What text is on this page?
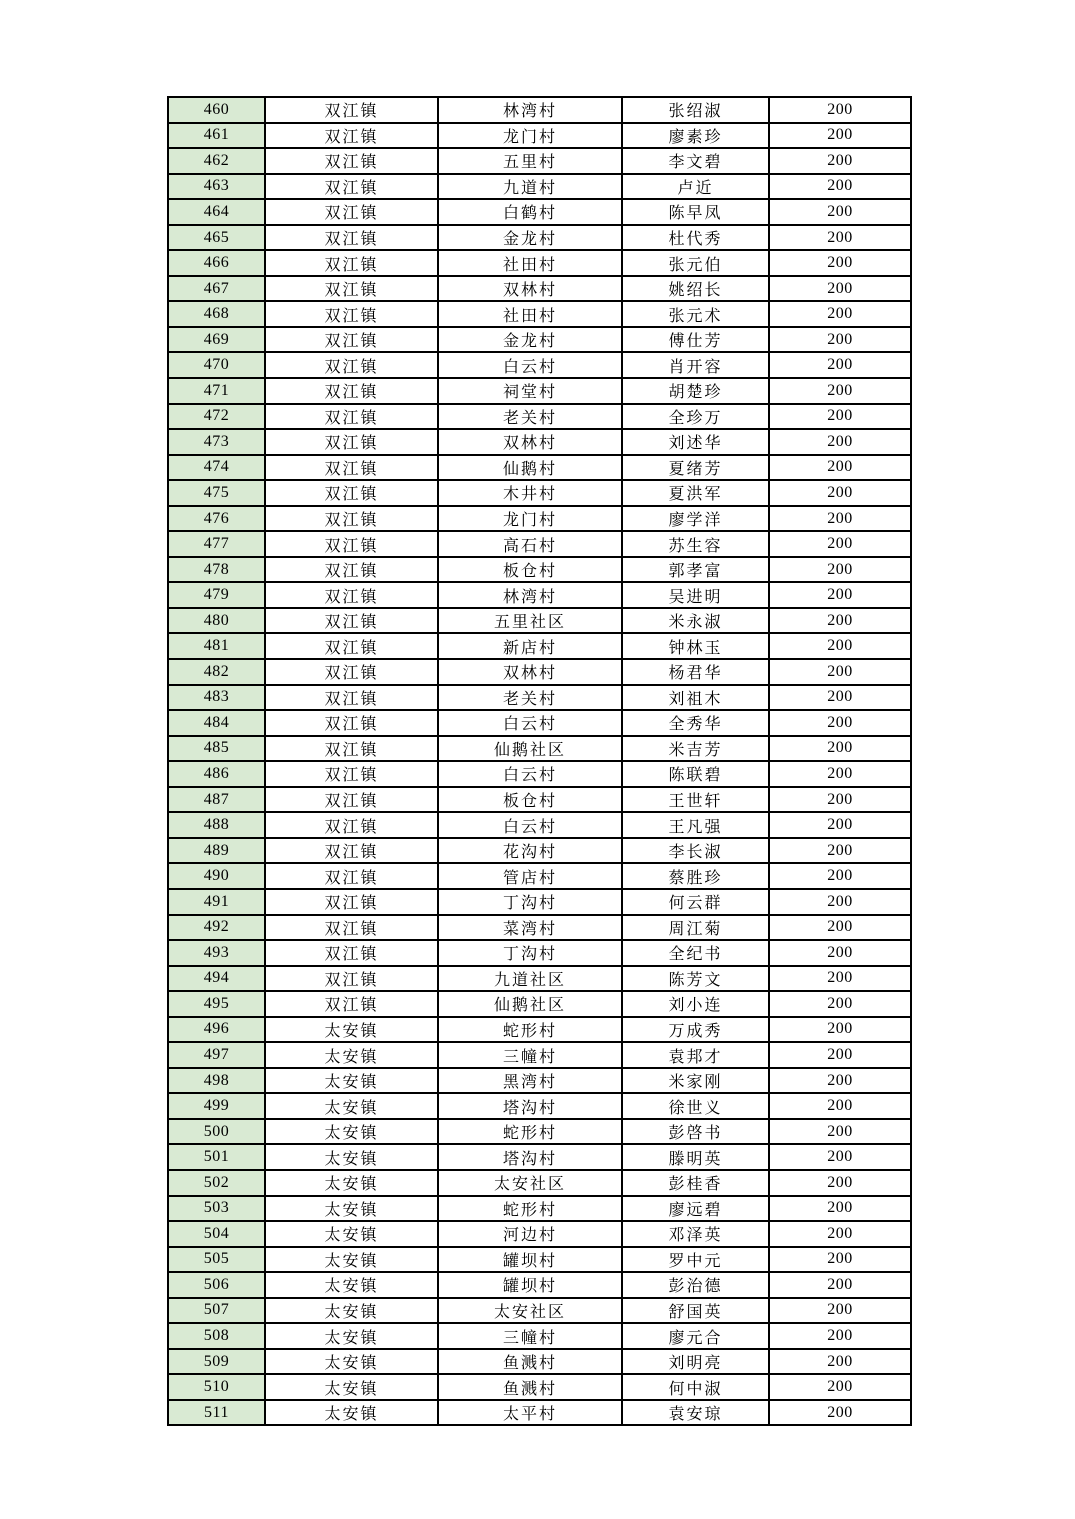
460	双江镇	林湾村	张绍淑	200
461	双江镇	龙门村	廖素珍	200
462	双江镇	五里村	李文碧	200
463	双江镇	九道村	卢近	200
464	双江镇	白鹤村	陈早凤	200
465	双江镇	金龙村	杜代秀	200
466	双江镇	社田村	张元伯	200
467	双江镇	双林村	姚绍长	200
468	双江镇	社田村	张元术	200
469	双江镇	金龙村	傅仕芳	200
470	双江镇	白云村	肖开容	200
471	双江镇	祠堂村	胡楚珍	200
472	双江镇	老关村	全珍万	200
473	双江镇	双林村	刘述华	200
474	双江镇	仙鹅村	夏绪芳	200
475	双江镇	木井村	夏洪军	200
476	双江镇	龙门村	廖学洋	200
477	双江镇	高石村	苏生容	200
478	双江镇	板仓村	郭孝富	200
479	双江镇	林湾村	吴进明	200
480	双江镇	五里社区	米永淑	200
481	双江镇	新店村	钟林玉	200
482	双江镇	双林村	杨君华	200
483	双江镇	老关村	刘祖木	200
484	双江镇	白云村	全秀华	200
485	双江镇	仙鹅社区	米吉芳	200
486	双江镇	白云村	陈联碧	200
487	双江镇	板仓村	王世轩	200
488	双江镇	白云村	王凡强	200
489	双江镇	花沟村	李长淑	200
490	双江镇	管店村	蔡胜珍	200
491	双江镇	丁沟村	何云群	200
492	双江镇	菜湾村	周江菊	200
493	双江镇	丁沟村	全纪书	200
494	双江镇	九道社区	陈芳文	200
495	双江镇	仙鹅社区	刘小连	200
496	太安镇	蛇形村	万成秀	200
497	太安镇	三幢村	袁邦才	200
498	太安镇	黑湾村	米家刚	200
499	太安镇	塔沟村	徐世义	200
500	太安镇	蛇形村	彭啓书	200
501	太安镇	塔沟村	滕明英	200
502	太安镇	太安社区	彭桂香	200
503	太安镇	蛇形村	廖远碧	200
504	太安镇	河边村	邓泽英	200
505	太安镇	罐坝村	罗中元	200
506	太安镇	罐坝村	彭治德	200
507	太安镇	太安社区	舒国英	200
508	太安镇	三幢村	廖元合	200
509	太安镇	鱼溅村	刘明亮	200
510	太安镇	鱼溅村	何中淑	200
511	太安镇	太平村	袁安琼	200
